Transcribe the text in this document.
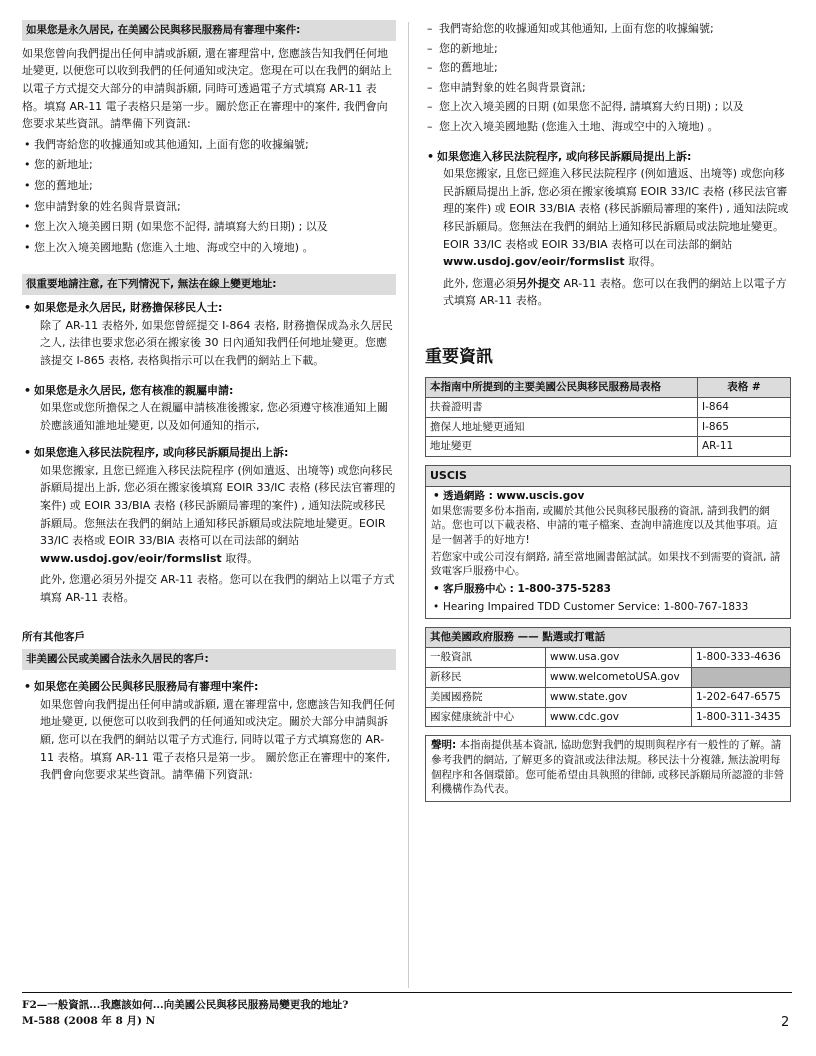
如果您是永久居民, 在美國公民與移民服務局有審理中案件:

如果您曾向我們提出任何申請或訴願, 還在審理當中, 您應該告知我們任何地址變更, 以便您可以收到我們的任何通知或決定。您現在可以在我們的網站上以電子方式提交大部分的申請與訴願, 同時可透過電子方式填寫 AR-11 表格。填寫 AR-11 電子表格只是第一步。關於您正在審理中的案件, 我們會向您要求某些資訊。請準備下列資訊:

• 我們寄給您的收據通知或其他通知, 上面有您的收據編號;
• 您的新地址;
• 您的舊地址;
• 您申請對象的姓名與背景資訊;
• 您上次入境美國日期 (如果您不記得, 請填寫大約日期) ; 以及
• 您上次入境美國地點 (您進入土地、海或空中的入境地) 。
很重要地請注意, 在下列情況下, 無法在線上變更地址:
• 如果您是永久居民, 財務擔保移民人士:

除了 AR-11 表格外, 如果您曾經提交 I-864 表格, 財務擔保成為永久居民之人, 法律也要求您必須在搬家後 30 日內通知我們任何地址變更。您應該提交 I-865 表格, 表格與指示可以在我們的網站上下載。

• 如果您是永久居民, 您有核准的親屬申請:

如果您或您所擔保之人在親屬申請核准後搬家, 您必須遵守核准通知上關於應該通知誰地址變更, 以及如何通知的指示,

• 如果您進入移民法院程序, 或向移民訴願局提出上訴:

如果您搬家, 且您已經進入移民法院程序 (例如遣返、出境等) 或您向移民訴願局提出上訴, 您必須在搬家後填寫 EOIR 33/IC 表格 (移民法官審理的案件) 或 EOIR 33/BIA 表格 (移民訴願局審理的案件) , 通知法院或移民訴願局。您無法在我們的網站上通知移民訴願局或法院地址變更。EOIR 33/IC 表格或 EOIR 33/BIA 表格可以在司法部的網站 www.usdoj.gov/eoir/formslist 取得。

此外, 您還必須另外提交 AR-11 表格。您可以在我們的網站上以電子方式填寫 AR-11 表格。

所有其他客戶
非美國公民或美國合法永久居民的客戶:
• 如果您在美國公民與移民服務局有審理中案件:

如果您曾向我們提出任何申請或訴願, 還在審理當中, 您應該告知我們任何地址變更, 以便您可以收到我們的任何通知或決定。關於大部分申請與訴願, 您可以在我們的網站以電子方式進行, 同時以電子方式填寫您的 AR-11 表格。填寫 AR-11 電子表格只是第一步。 關於您正在審理中的案件, 我們會向您要求某些資訊。請準備下列資訊:

– 我們寄給您的收據通知或其他通知, 上面有您的收據編號;
– 您的新地址;
– 您的舊地址;
– 您申請對象的姓名與背景資訊;
– 您上次入境美國的日期 (如果您不記得, 請填寫大約日期) ; 以及
– 您上次入境美國地點 (您進入土地、海或空中的入境地) 。
• 如果您進入移民法院程序, 或向移民訴願局提出上訴:

如果您搬家, 且您已經進入移民法院程序 (例如遣返、出境等) 或您向移民訴願局提出上訴, 您必須在搬家後填寫 EOIR 33/IC 表格 (移民法官審理的案件) 或 EOIR 33/BIA 表格 (移民訴願局審理的案件) , 通知法院或移民訴願局。您無法在我們的網站上通知移民訴願局或法院地址變更。EOIR 33/IC 表格或 EOIR 33/BIA 表格可以在司法部的網站 www.usdoj.gov/eoir/formslist 取得。

此外, 您還必須另外提交 AR-11 表格。您可以在我們的網站上以電子方式填寫 AR-11 表格。

重要資訊
本指南中所提到的主要美國公民與移民服務局表格	表格 #
扶養證明書	I-864
擔保人地址變更通知	I-865
地址變更	AR-11
USCIS
• 透過網路 : www.uscis.gov

如果您需要多份本指南, 或關於其他公民與移民服務的資訊, 請到我們的網站。您也可以下載表格、申請的電子檔案、查詢申請進度以及其他事項。這是一個著手的好地方!

若您家中或公司沒有網路, 請至當地圖書館試試。如果找不到需要的資訊, 請致電客戶服務中心。

• 客戶服務中心 : 1-800-375-5283
• Hearing Impaired TDD Customer Service: 1-800-767-1833
其他美國政府服務 —— 點選或打電話		
一般資訊	www.usa.gov	1-800-333-4636
新移民	www.welcometoUSA.gov	
美國國務院	www.state.gov	1-202-647-6575
國家健康統計中心	www.cdc.gov	1-800-311-3435
聲明: 本指南提供基本資訊, 協助您對我們的規則與程序有一般性的了解。請參考我們的網站, 了解更多的資訊或法律法規。移民法十分複雜, 無法說明每個程序和各個環節。您可能希望由具執照的律師, 或移民訴願局所認證的非營利機構作為代表。
F2—一般資訊...我應該如何...向美國公民與移民服務局變更我的地址?
M-588 (2008 年 8 月) N	2
